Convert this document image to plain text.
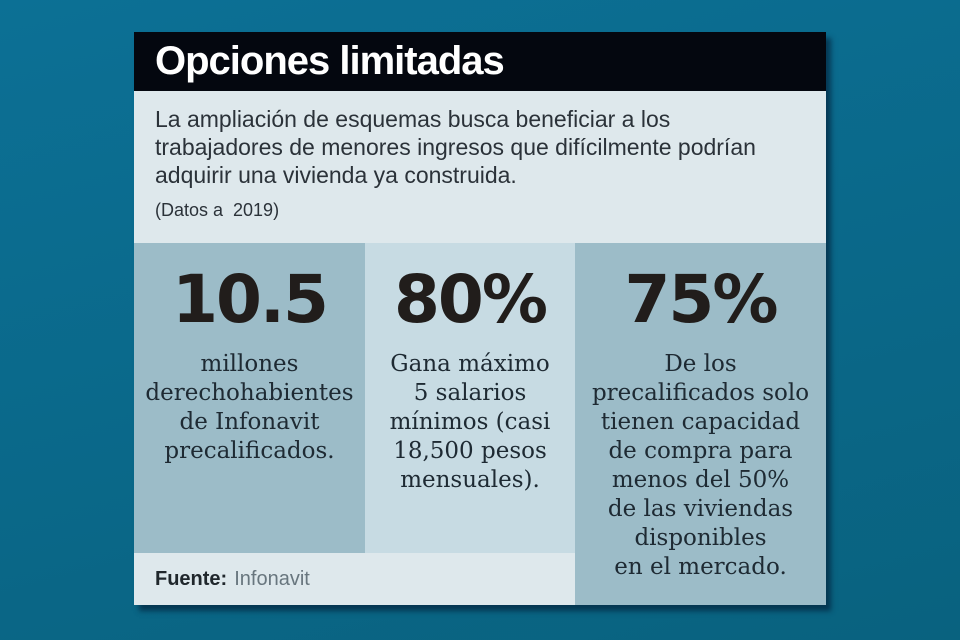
Opciones limitadas
La ampliación de esquemas busca beneficiar a los
trabajadores de menores ingresos que difícilmente podrían
adquirir una vivienda ya construida.
(Datos a  2019)
10.5
millones
derechohabientes
de Infonavit
precalificados.
80%
Gana máximo
5 salarios
mínimos (casi
18,500 pesos
mensuales).
Fuente: Infonavit
75%
De los
precalificados solo
tienen capacidad
de compra para
menos del 50%
de las viviendas
disponibles
en el mercado.
